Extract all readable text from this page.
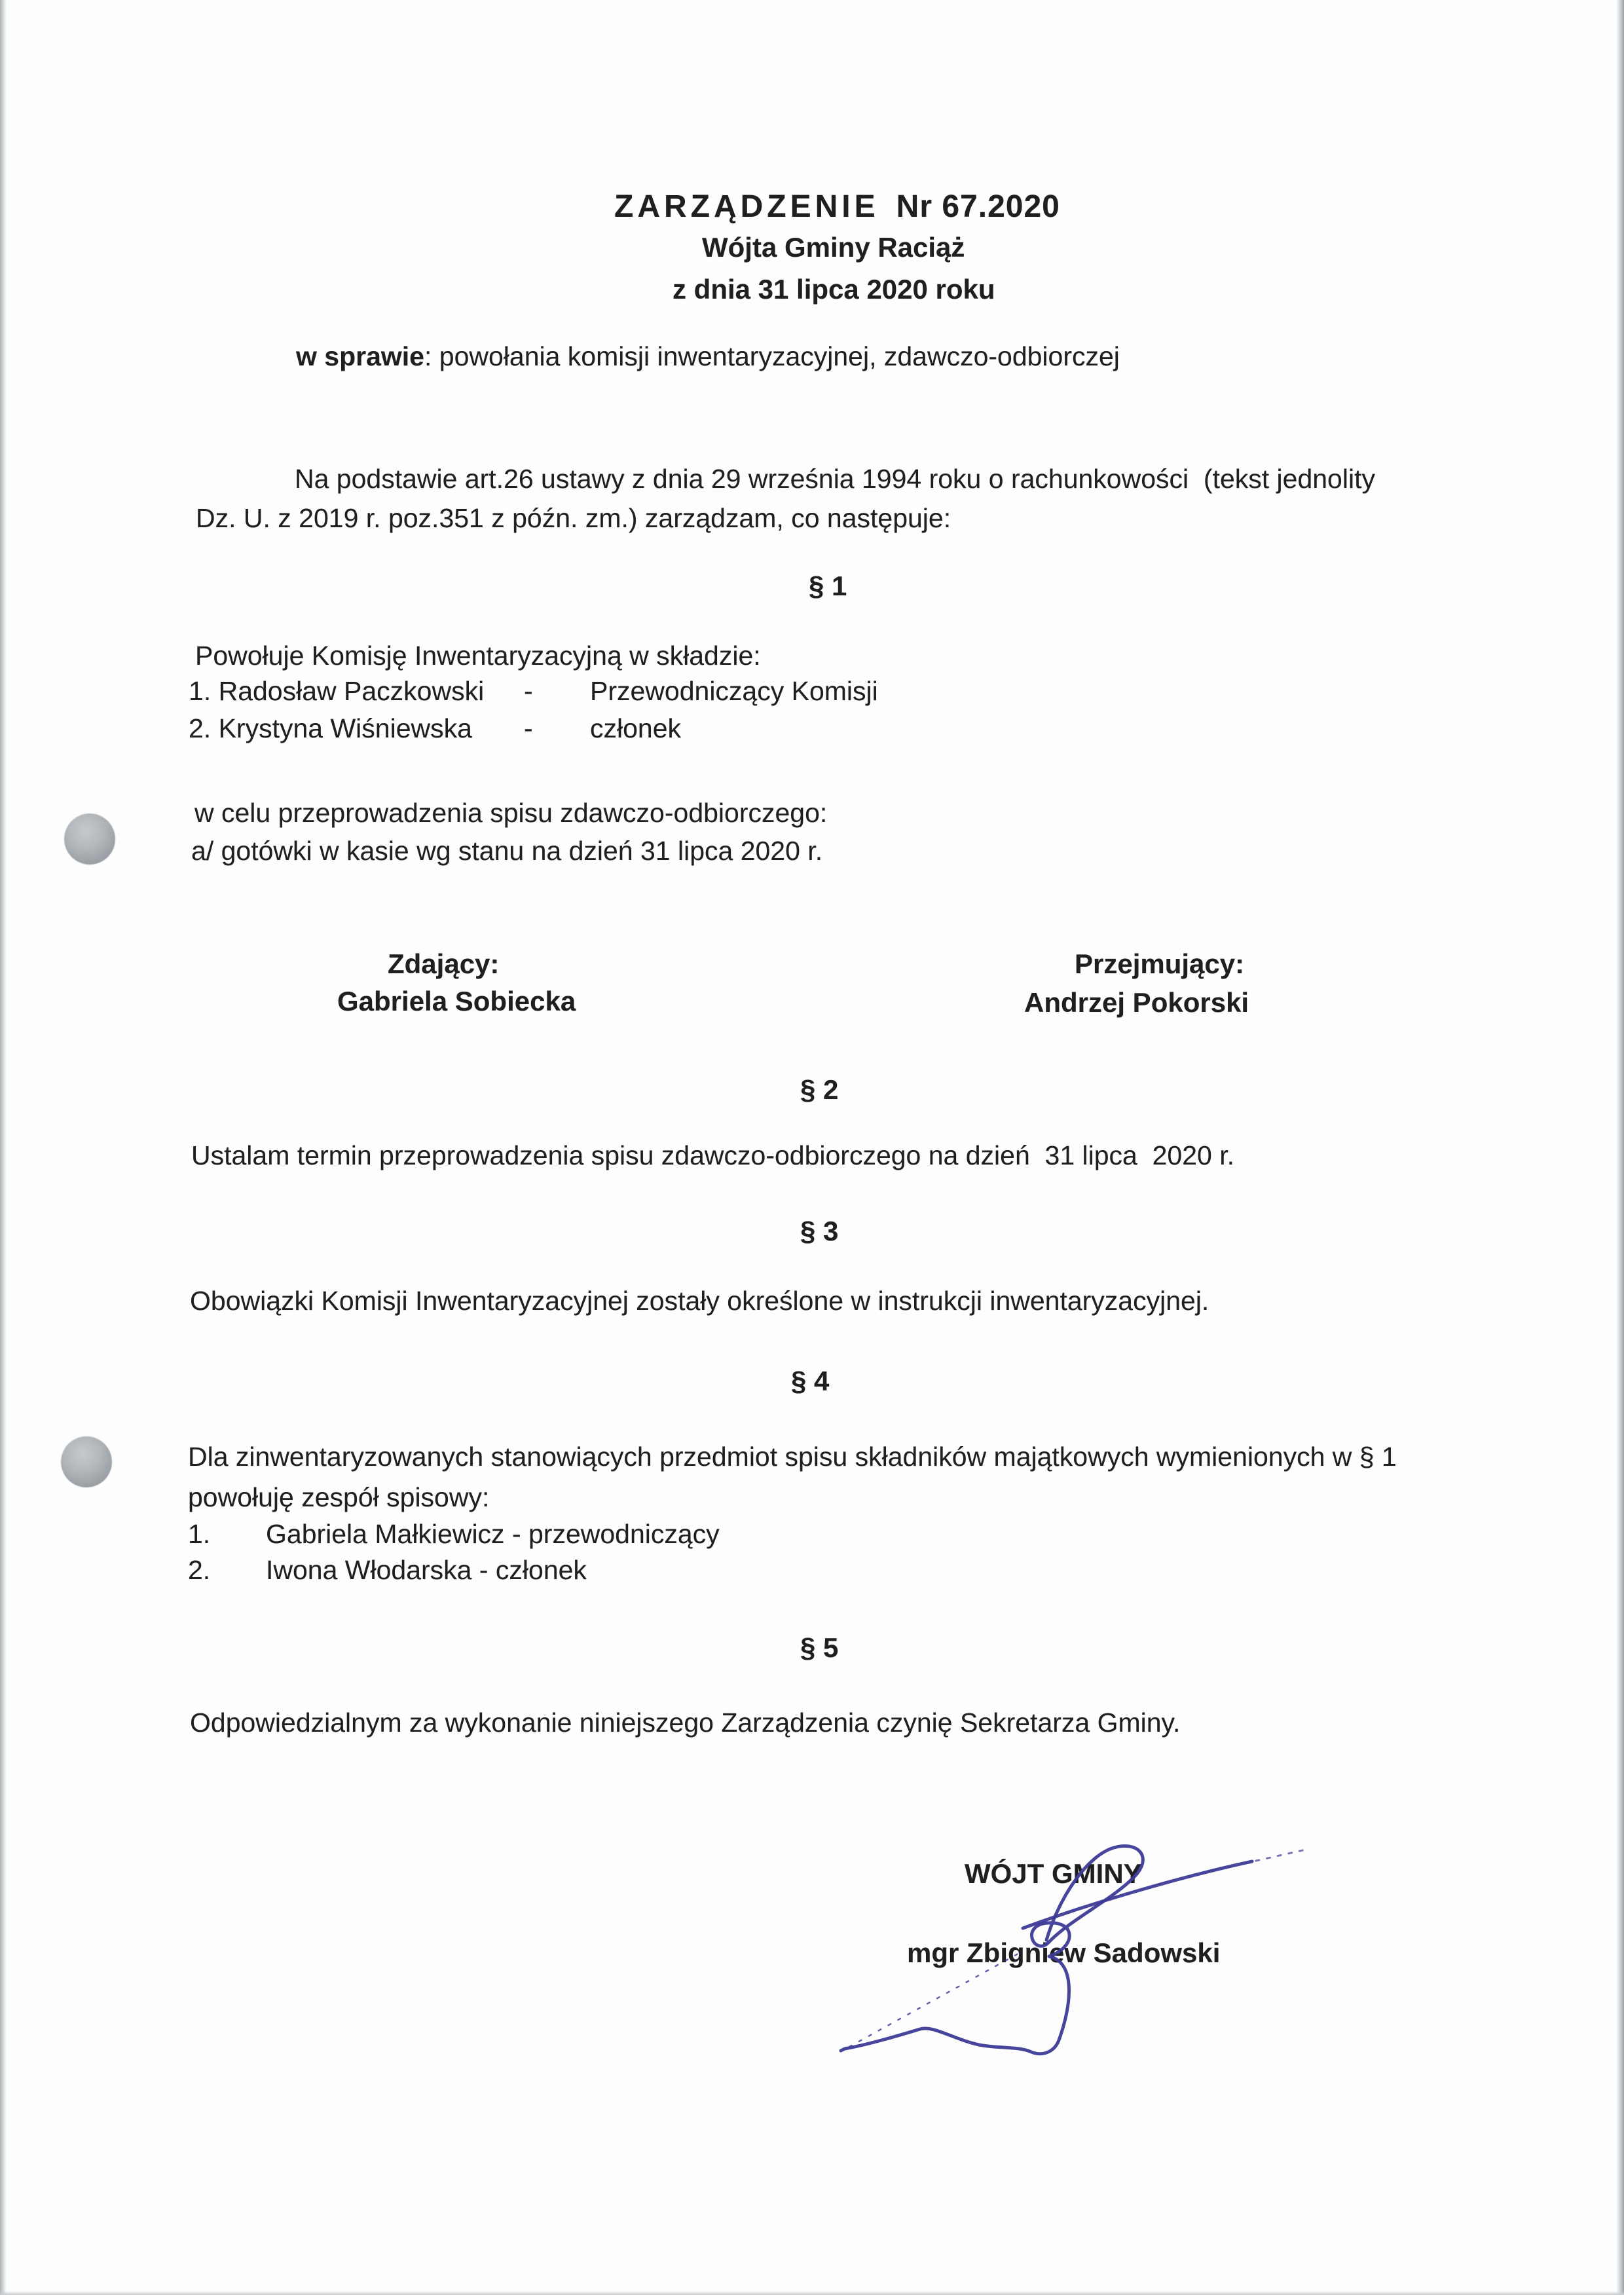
ZARZĄDZENIE Nr 67.2020
Wójta Gminy Raciąż
z dnia 31 lipca 2020 roku
w sprawie: powołania komisji inwentaryzacyjnej, zdawczo-odbiorczej
Na podstawie art.26 ustawy z dnia 29 września 1994 roku o rachunkowości  (tekst jednolity
Dz. U. z 2019 r. poz.351 z późn. zm.) zarządzam, co następuje:
§ 1
Powołuje Komisję Inwentaryzacyjną w składzie:
1. Radosław Paczkowski - Przewodniczący Komisji
2. Krystyna Wiśniewska - członek
w celu przeprowadzenia spisu zdawczo-odbiorczego:
a/ gotówki w kasie wg stanu na dzień 31 lipca 2020 r.
Zdający:
Gabriela Sobiecka
Przejmujący:
Andrzej Pokorski
§ 2
Ustalam termin przeprowadzenia spisu zdawczo-odbiorczego na dzień  31 lipca  2020 r.
§ 3
Obowiązki Komisji Inwentaryzacyjnej zostały określone w instrukcji inwentaryzacyjnej.
§ 4
Dla zinwentaryzowanych stanowiących przedmiot spisu składników majątkowych wymienionych w § 1
powołuję zespół spisowy:
1. Gabriela Małkiewicz - przewodniczący
2. Iwona Włodarska - członek
§ 5
Odpowiedzialnym za wykonanie niniejszego Zarządzenia czynię Sekretarza Gminy.
WÓJT GMINY
mgr Zbigniew Sadowski
